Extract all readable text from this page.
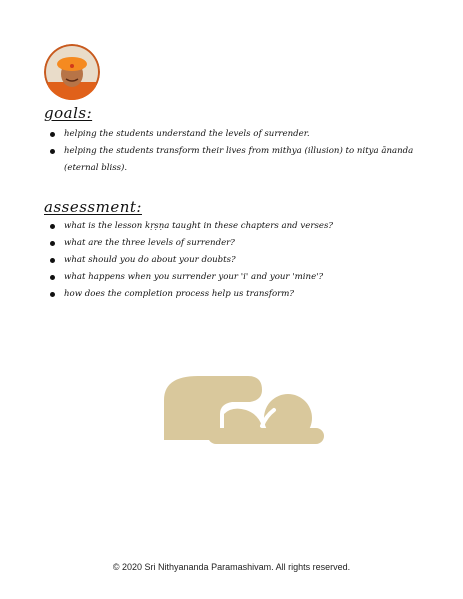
goals:
helping the students understand the levels of surrender.
helping the students transform their lives from mithya (illusion) to nitya ānanda (eternal bliss).
assessment:
what is the lesson kṛṣṇa taught in these chapters and verses?
what are the three levels of surrender?
what should you do about your doubts?
what happens when you surrender your 'i' and your 'mine'?
how does the completion process help us transform?
© 2020 Sri Nithyananda Paramashivam. All rights reserved.
